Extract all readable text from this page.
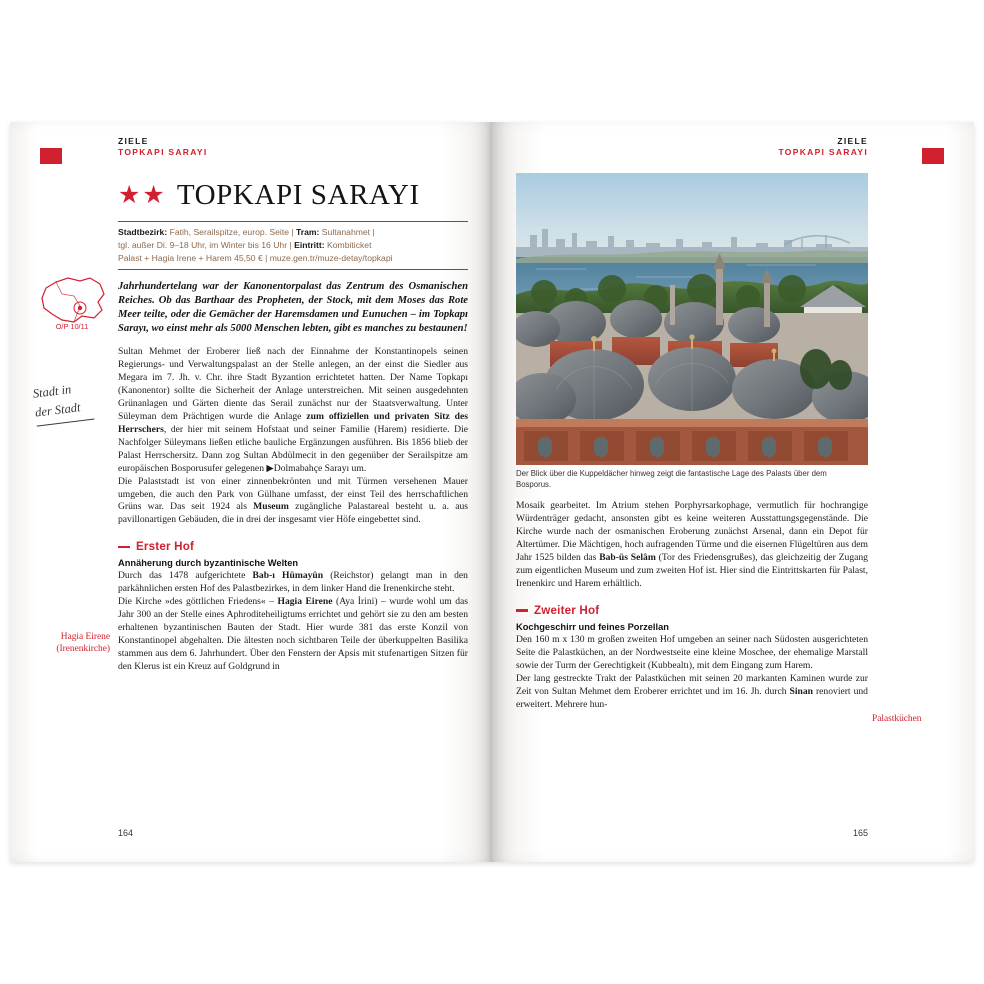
O/P 10/11
Stadt in
der Stadt
Hagia Eirene (Irenenkirche)
ZIELE
TOPKAPI SARAYI
★★ TOPKAPI SARAYI
Stadtbezirk: Fatih, Serailspitze, europ. Seite | Tram: Sultanahmet |
tgl. außer Di. 9–18 Uhr, im Winter bis 16 Uhr | Eintritt: Kombiticket
Palast + Hagia Irene + Harem 45,50 € | muze.gen.tr/muze-detay/topkapi
Jahrhundertelang war der Kanonentorpalast das Zentrum des Osmanischen Reiches. Ob das Barthaar des Propheten, der Stock, mit dem Moses das Rote Meer teilte, oder die Gemächer der Haremsdamen und Eunuchen – im Topkapı Sarayı, wo einst mehr als 5000 Menschen lebten, gibt es manches zu bestaunen!

Sultan Mehmet der Eroberer ließ nach der Einnahme der Konstantinopels seinen Regierungs- und Verwaltungspalast an der Stelle anlegen, an der einst die Siedler aus Megara im 7. Jh. v. Chr. ihre Stadt Byzantion errichtetet hatten. Der Name Topkapı (Kanonentor) sollte die Sicherheit der Anlage unterstreichen. Mit seinen ausgedehnten Grünanlagen und Gärten diente das Serail zunächst nur der Staatsverwaltung. Unter Süleyman dem Prächtigen wurde die Anlage zum offiziellen und privaten Sitz des Herrschers, der hier mit seinem Hofstaat und seiner Familie (Harem) residierte. Die Nachfolger Süleymans ließen etliche bauliche Ergänzungen ausführen. Bis 1856 blieb der Palast Herrschersitz. Dann zog Sultan Abdülmecit in den gegenüber der Serailspitze am europäischen Bosporusufer gelegenen ▶Dolmabahçe Sarayı um.

Die Palaststadt ist von einer zinnenbekrönten und mit Türmen versehenen Mauer umgeben, die auch den Park von Gülhane umfasst, der einst Teil des herrschaftlichen Grüns war. Das seit 1924 als Museum zugängliche Palastareal besteht u. a. aus pavillonartigen Gebäuden, die in drei der insgesamt vier Höfe eingebettet sind.

Erster Hof
Annäherung durch byzantinische Welten

Durch das 1478 aufgerichtete Bab-ı Hümayûn (Reichstor) gelangt man in den parkähnlichen ersten Hof des Palastbezirkes, in dem linker Hand die Irenenkirche steht.

Die Kirche »des göttlichen Friedens« – Hagia Eirene (Aya İrini) – wurde wohl um das Jahr 300 an der Stelle eines Aphroditeheiligtums errichtet und gehört sie zu den am besten erhaltenen byzantinischen Bauten der Stadt. Hier wurde 381 das erste Konzil von Konstantinopel abgehalten. Die ältesten noch sichtbaren Teile der überkuppelten Basilika stammen aus dem 6. Jahrhundert. Über den Fenstern der Apsis mit stufenartigen Sitzen für den Klerus ist ein Kreuz auf Goldgrund in

164
Palastküchen
ZIELE
TOPKAPI SARAYI
Der Blick über die Kuppeldächer hinweg zeigt die fantastische Lage des Palasts über dem Bosporus.

Mosaik gearbeitet. Im Atrium stehen Porphyrsarkophage, vermutlich für hochrangige Würdenträger gedacht, ansonsten gibt es keine weiteren Ausstattungsgegenstände. Die Kirche wurde nach der osmanischen Eroberung zunächst Arsenal, dann ein Depot für Altertümer. Die Mächtigen, hoch aufragenden Türme und die eisernen Flügeltüren aus dem Jahr 1525 bilden das Bab-üs Selâm (Tor des Friedensgrußes), das gleichzeitig der Zugang zum eigentlichen Museum und zum zweiten Hof ist. Hier sind die Eintrittskarten für Palast, Irenenkirc und Harem erhältlich.

Zweiter Hof
Kochgeschirr und feines Porzellan

Den 160 m x 130 m großen zweiten Hof umgeben an seiner nach Südosten ausgerichteten Seite die Palastküchen, an der Nordwestseite eine kleine Moschee, der ehemalige Marstall sowie der Turm der Gerechtigkeit (Kubbealtı), mit dem Eingang zum Harem.

Der lang gestreckte Trakt der Palastküchen mit seinen 20 markanten Kaminen wurde zur Zeit von Sultan Mehmet dem Eroberer errichtet und im 16. Jh. durch Sinan renoviert und erweitert. Mehrere hun-

165
